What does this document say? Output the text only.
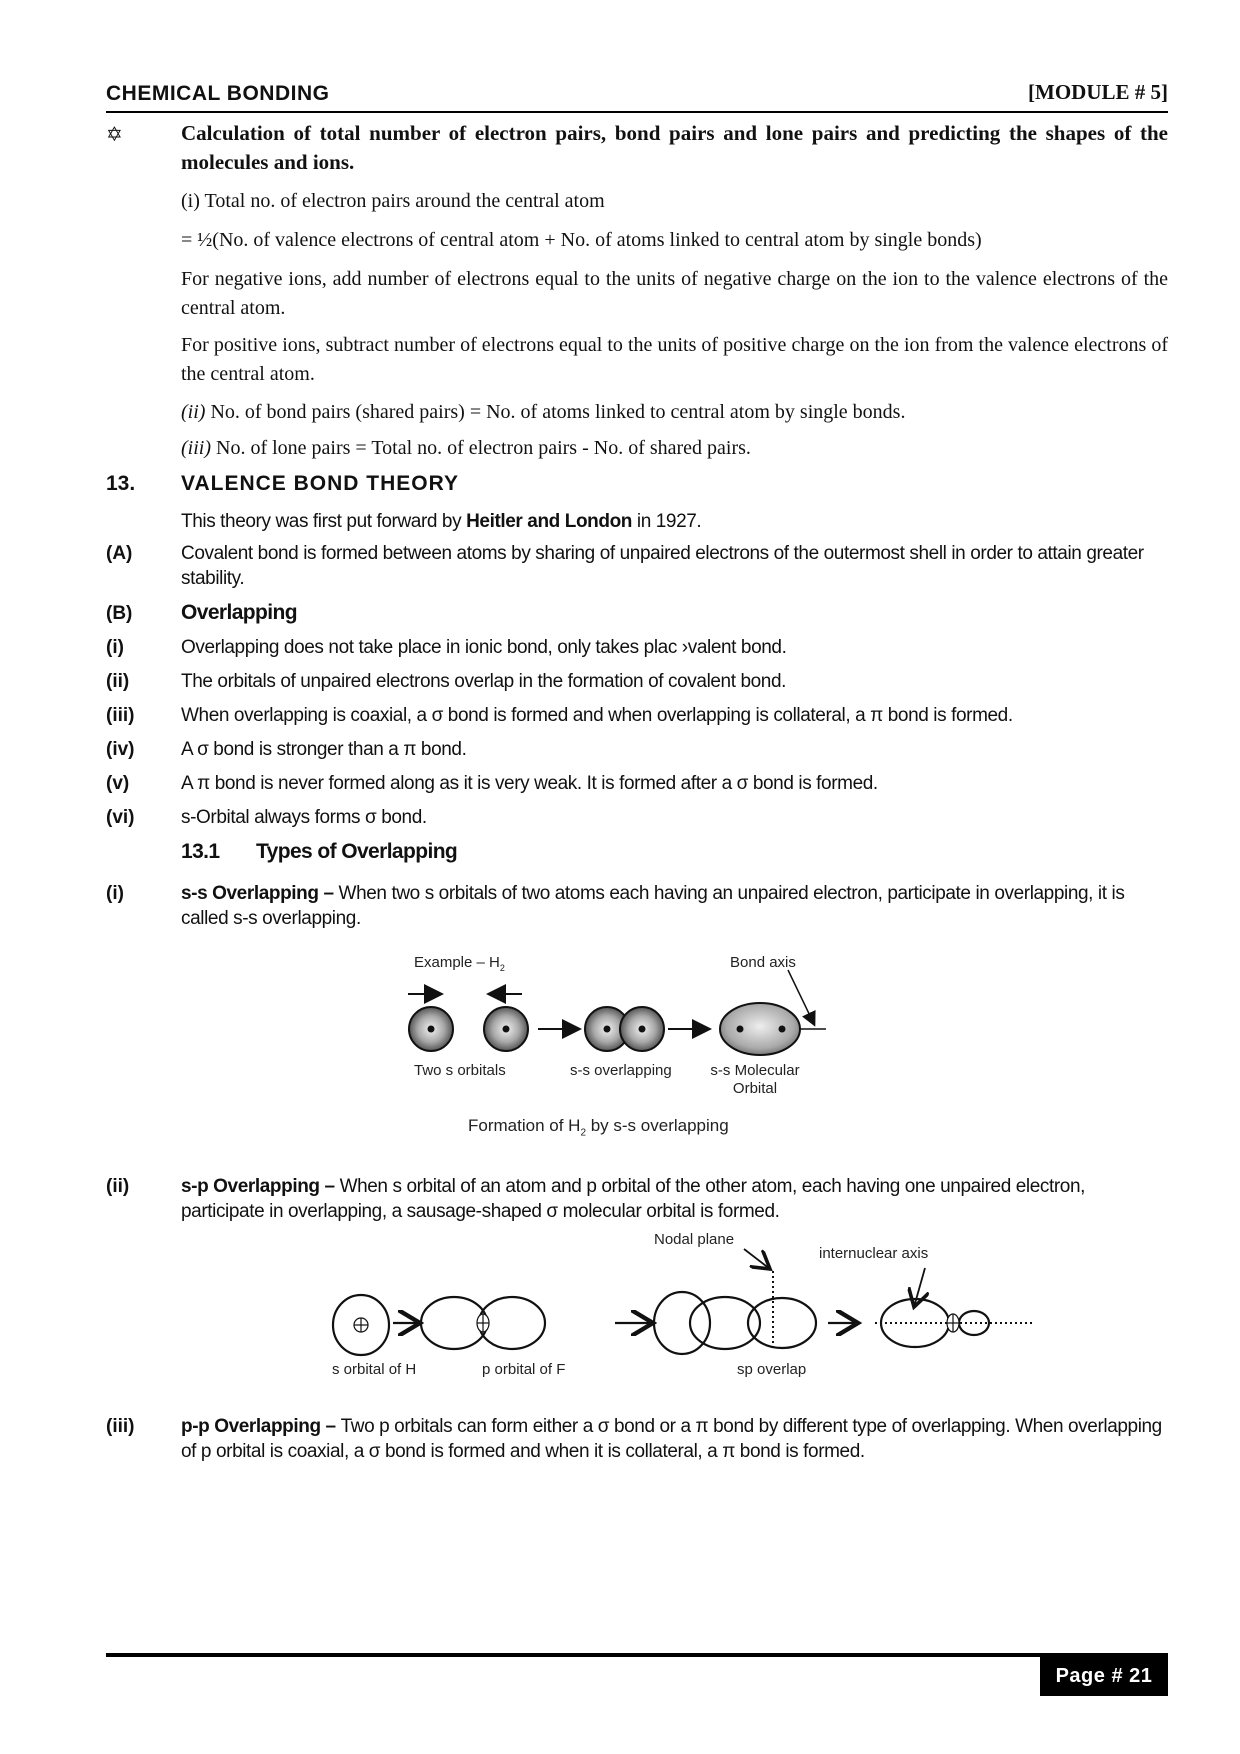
CHEMICAL BONDING	[MODULE # 5]
✡	Calculation of total number of electron pairs, bond pairs and lone pairs and predicting the shapes of the molecules and ions.
(i) Total no. of electron pairs around the central atom
= ½(No. of valence electrons of central atom + No. of atoms linked to central atom by single bonds)
For negative ions, add number of electrons equal to the units of negative charge on the ion to the valence electrons of the central atom.
For positive ions, subtract number of electrons equal to the units of positive charge on the ion from the valence electrons of the central atom.
(ii) No. of bond pairs (shared pairs) = No. of atoms linked to central atom by single bonds.
(iii) No. of lone pairs = Total no. of electron pairs - No. of shared pairs.
13. VALENCE BOND THEORY
This theory was first put forward by Heitler and London in 1927.
(A)	Covalent bond is formed between atoms by sharing of unpaired electrons of the outermost shell in order to attain greater stability.
(B) Overlapping
(i)	Overlapping does not take place in ionic bond, only takes plac ›valent bond.
(ii)	The orbitals of unpaired electrons overlap in the formation of covalent bond.
(iii) When overlapping is coaxial, a σ bond is formed and when overlapping is collateral, a π bond is formed.
(iv) A σ bond is stronger than a π bond.
(v)	A π bond is never formed along as it is very weak. It is formed after a σ bond is formed.
(vi) s-Orbital always forms σ bond.
13.1 Types of Overlapping
(i)	s-s Overlapping – When two s orbitals of two atoms each having an unpaired electron, participate in overlapping, it is called s-s overlapping.
Example – $H_2$	Bond axis
Two s orbitals	s-s overlapping	s-s Molecular
Orbital
Formation of $H_2$ by s-s overlapping
(ii)	s-p Overlapping – When s orbital of an atom and p orbital of the other atom, each having one unpaired electron, participate in overlapping, a sausage-shaped σ molecular orbital is formed.
Nodal plane
internuclear axis
s orbital of H	p orbital of F	sp overlap
(iii) p-p Overlapping – Two p orbitals can form either a σ bond or a π bond by different type of overlapping. When overlapping of p orbital is coaxial, a σ bond is formed and when it is collateral, a π bond is formed.
Page # 21
